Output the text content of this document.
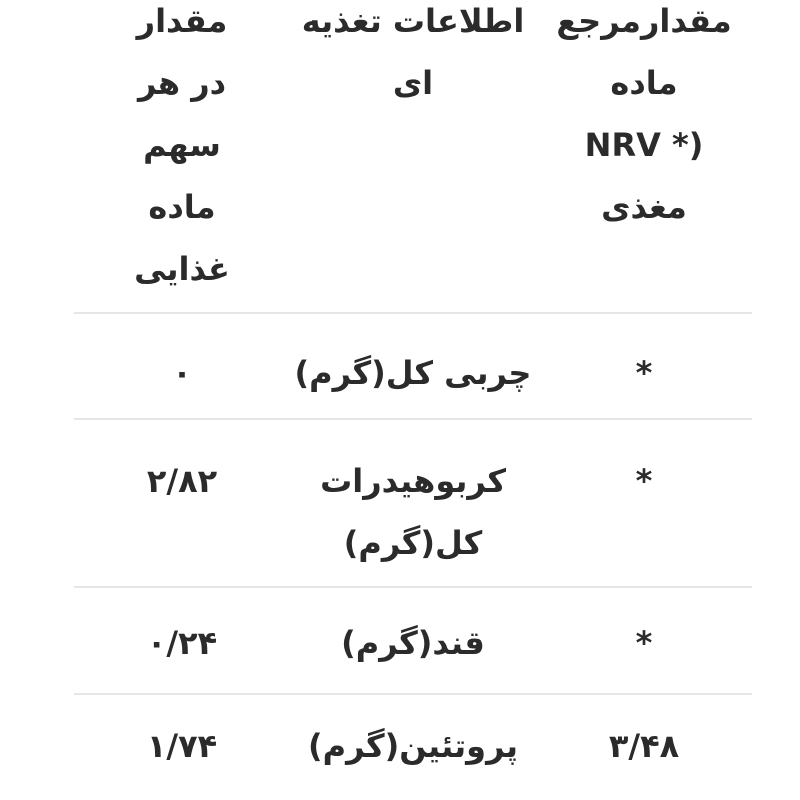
مقدارمرجع
ماده
(* NRV
مغذی
اطلاعات تغذیه
ای
مقدار
در هر
سهم
ماده
غذایی
*
چربی کل(گرم)
۰
*
کربوهیدرات
کل(گرم)
۲/۸۲
*
قند(گرم)
۰/۲۴
۳/۴۸
پروتئین(گرم)
۱/۷۴
